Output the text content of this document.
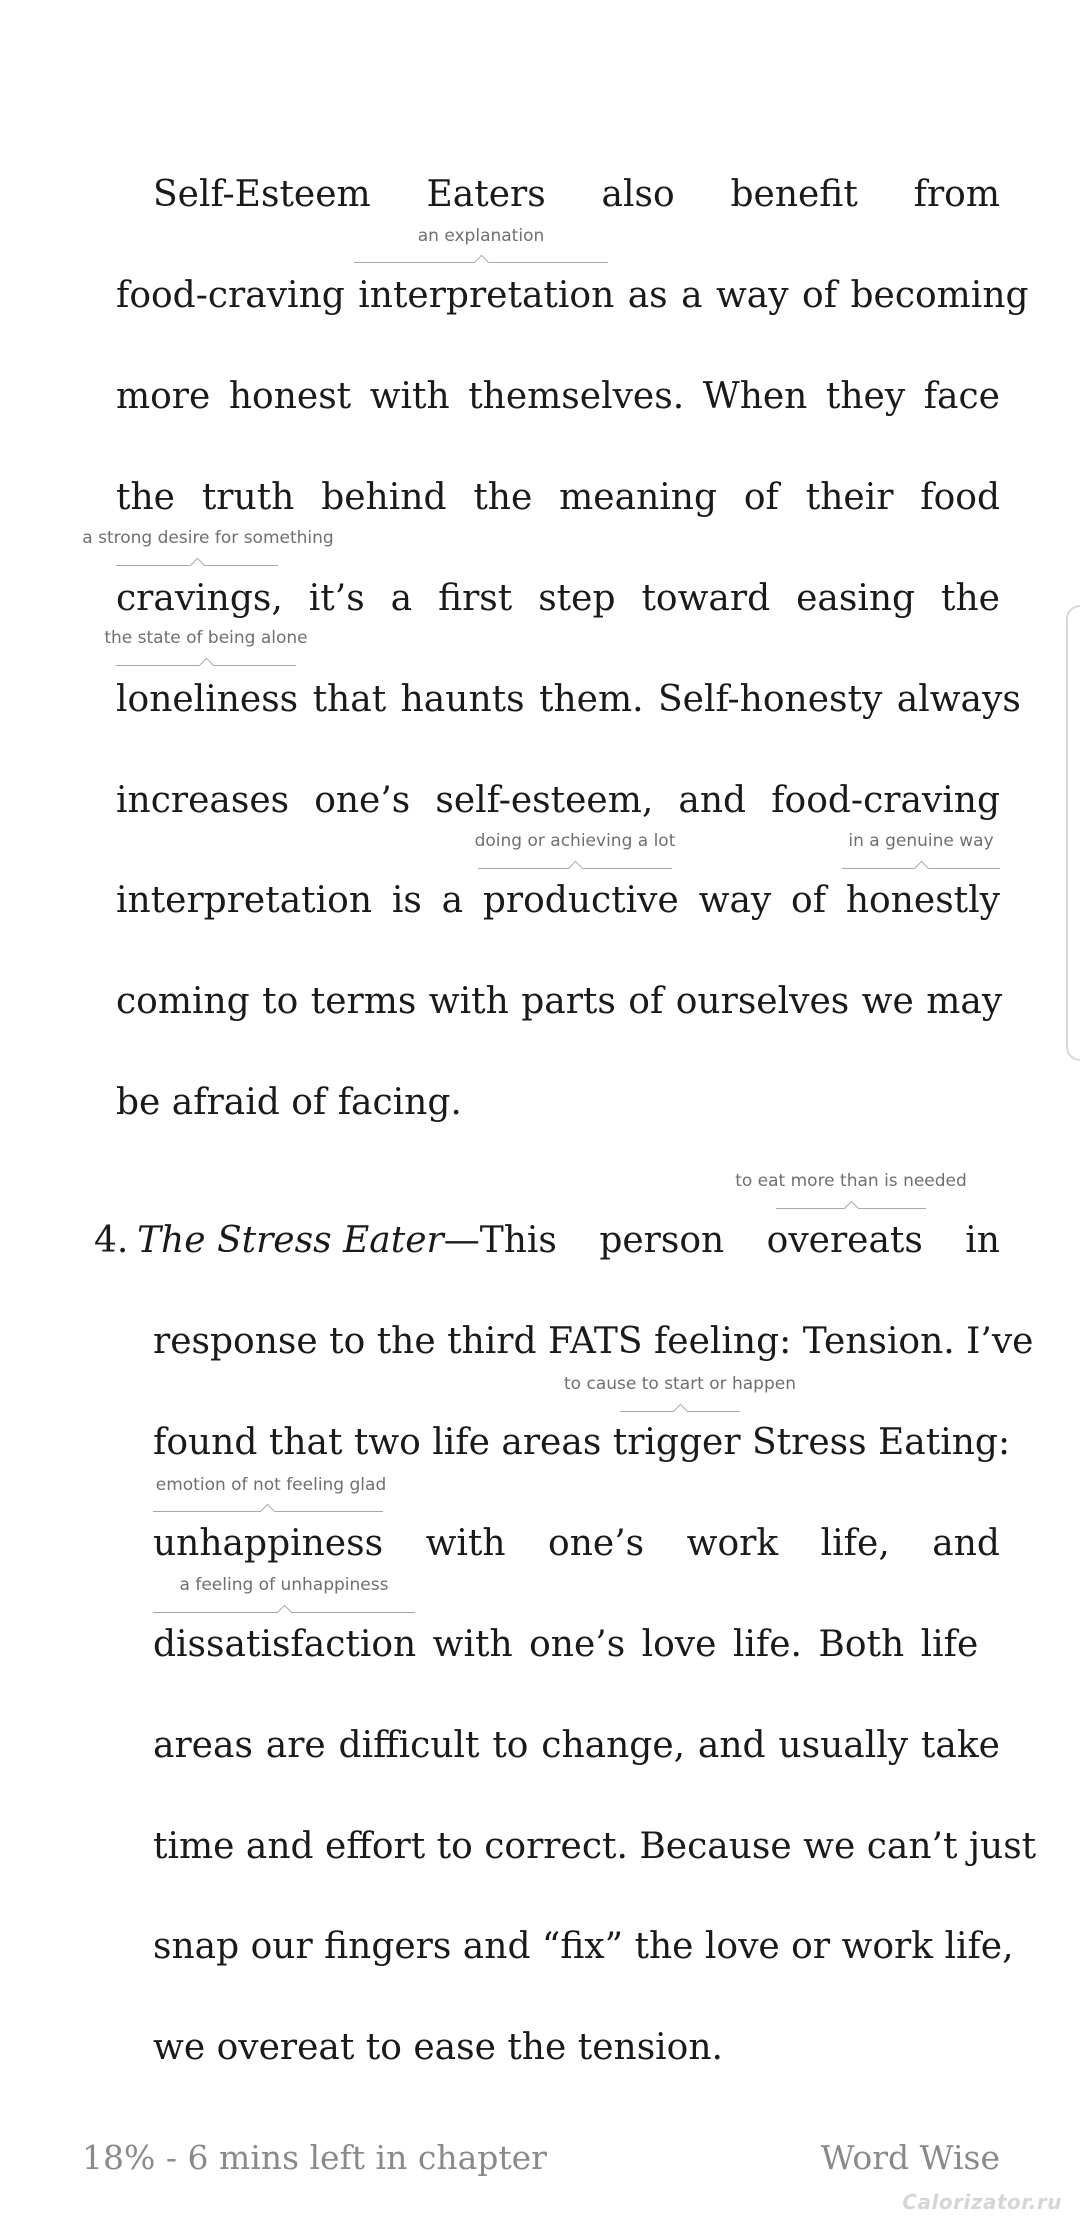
Self-Esteem Eaters also benefit from
an explanation
food-craving interpretation as a way of becoming
more honest with themselves. When they face
the truth behind the meaning of their food
a strong desire for something
cravings, it’s a first step toward easing the
the state of being alone
loneliness that haunts them. Self-honesty always
increases one’s self-esteem, and food-craving
doing or achieving a lot	in a genuine way
interpretation is a productive way of honestly
coming to terms with parts of ourselves we may
be afraid of facing.
to eat more than is needed
4. The Stress Eater—This person overeats in
response to the third FATS feeling: Tension. I’ve
to cause to start or happen
found that two life areas trigger Stress Eating:
emotion of not feeling glad
unhappiness with one’s work life, and
a feeling of unhappiness
dissatisfaction with one’s love life. Both life
areas are difficult to change, and usually take
time and effort to correct. Because we can’t just
snap our fingers and “fix” the love or work life,
we overeat to ease the tension.
18% - 6 mins left in chapter	Word Wise
Calorizator.ru
